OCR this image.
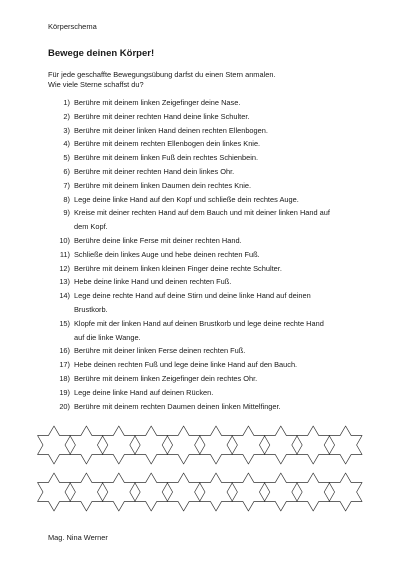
Körperschema
Bewege deinen Körper!
Für jede geschaffte Bewegungsübung darfst du einen Stern anmalen.
Wie viele Sterne schaffst du?
1) Berühre mit deinem linken Zeigefinger deine Nase.
2) Berühre mit deiner rechten Hand deine linke Schulter.
3) Berühre mit deiner linken Hand deinen rechten Ellenbogen.
4) Berühre mit deinem rechten Ellenbogen dein linkes Knie.
5) Berühre mit deinem linken Fuß dein rechtes Schienbein.
6) Berühre mit deiner rechten Hand dein linkes Ohr.
7) Berühre mit deinem linken Daumen dein rechtes Knie.
8) Lege deine linke Hand auf den Kopf und schließe dein rechtes Auge.
9) Kreise mit deiner rechten Hand auf dem Bauch und mit deiner linken Hand auf
dem Kopf.
10) Berühre deine linke Ferse mit deiner rechten Hand.
11) Schließe dein linkes Auge und hebe deinen rechten Fuß.
12) Berühre mit deinem linken kleinen Finger deine rechte Schulter.
13) Hebe deine linke Hand und deinen rechten Fuß.
14) Lege deine rechte Hand auf deine Stirn und deine linke Hand auf deinen
Brustkorb.
15) Klopfe mit der linken Hand auf deinen Brustkorb und lege deine rechte Hand
auf die linke Wange.
16) Berühre mit deiner linken Ferse deinen rechten Fuß.
17) Hebe deinen rechten Fuß und lege deine linke Hand auf den Bauch.
18) Berühre mit deinem linken Zeigefinger dein rechtes Ohr.
19) Lege deine linke Hand auf deinen Rücken.
20) Berühre mit deinem rechten Daumen deinen linken Mittelfinger.
Mag. Nina Werner
